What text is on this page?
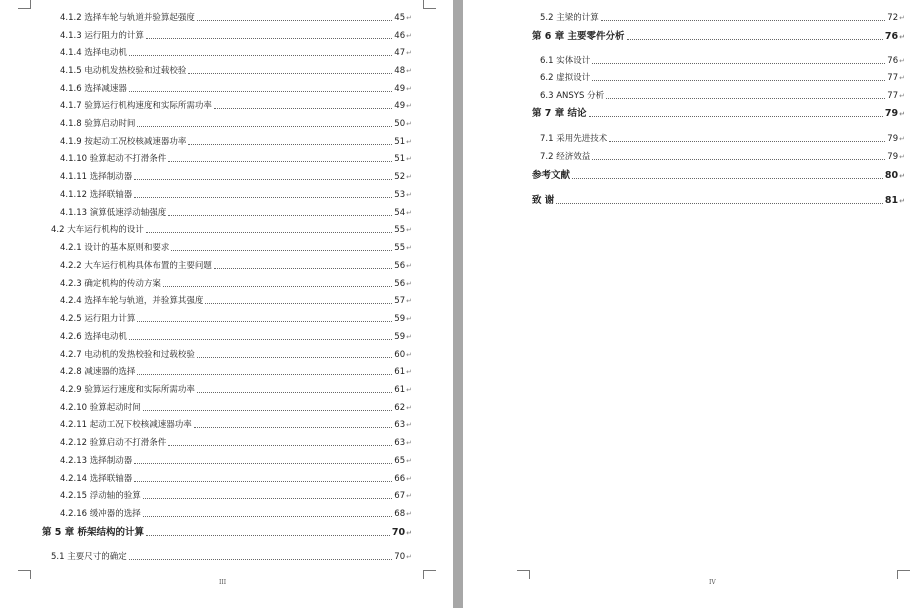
4.1.2 选择车轮与轨道并验算起强度	45 ↵
4.1.3 运行阻力的计算	46 ↵
4.1.4 选择电动机	47 ↵
4.1.5 电动机发热校验和过载校验	48 ↵
4.1.6 选择减速器	49 ↵
4.1.7 验算运行机构速度和实际所需功率	49 ↵
4.1.8 验算启动时间	50 ↵
4.1.9 按起动工况校核减速器功率	51 ↵
4.1.10 验算起动不打滑条件	51 ↵
4.1.11 选择制动器	52 ↵
4.1.12 选择联轴器	53 ↵
4.1.13 演算低速浮动轴强度	54 ↵
4.2 大车运行机构的设计	55 ↵
4.2.1 设计的基本原则和要求	55 ↵
4.2.2 大车运行机构具体布置的主要问题	56 ↵
4.2.3 确定机构的传动方案	56 ↵
4.2.4 选择车轮与轨道，并验算其强度	57 ↵
4.2.5 运行阻力计算	59 ↵
4.2.6 选择电动机	59 ↵
4.2.7 电动机的发热校验和过载校验	60 ↵
4.2.8 减速器的选择	61 ↵
4.2.9 验算运行速度和实际所需功率	61 ↵
4.2.10 验算起动时间	62 ↵
4.2.11 起动工况下校核减速器功率	63 ↵
4.2.12 验算启动不打滑条件	63 ↵
4.2.13 选择制动器	65 ↵
4.2.14 选择联轴器	66 ↵
4.2.15 浮动轴的验算	67 ↵
4.2.16 缓冲器的选择	68 ↵
第 5 章 桥架结构的计算	70 ↵
5.1 主要尺寸的确定	70 ↵
III
5.2 主梁的计算	72 ↵
第 6 章 主要零件分析	76 ↵
6.1 实体设计	76 ↵
6.2 虚拟设计	77 ↵
6.3 ANSYS 分析	77 ↵
第 7 章 结论	79 ↵
7.1 采用先进技术	79 ↵
7.2 经济效益	79 ↵
参考文献	80 ↵
致 谢	81 ↵
IV
